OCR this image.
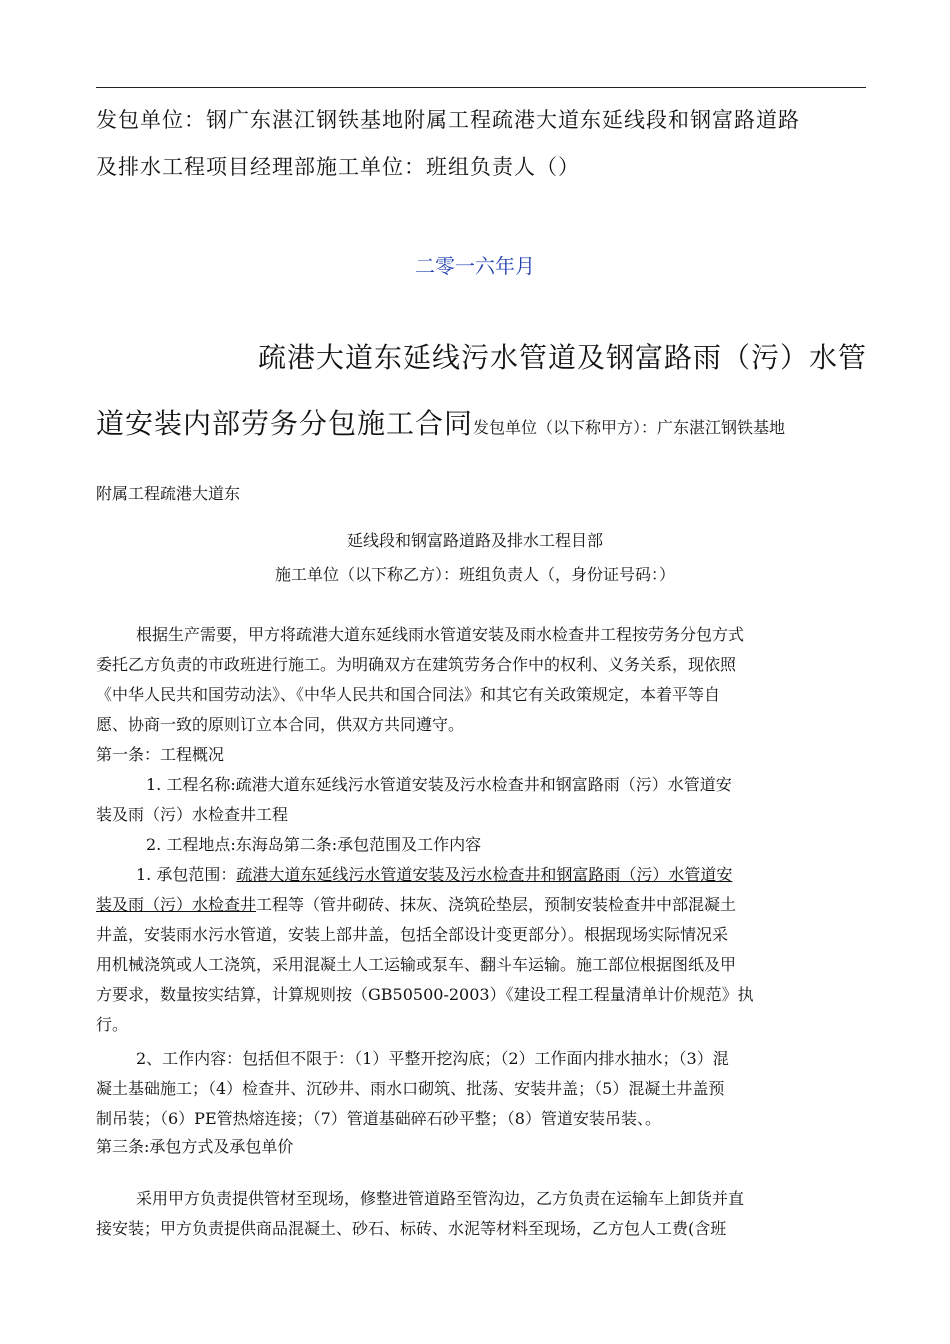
发包单位：钢广东湛江钢铁基地附属工程疏港大道东延线段和钢富路道路
及排水工程项目经理部施工单位：班组负责人（）
二零一六年月
疏港大道东延线污水管道及钢富路雨（污）水管
道安装内部劳务分包施工合同发包单位（以下称甲方）：广东湛江钢铁基地
附属工程疏港大道东
延线段和钢富路道路及排水工程目部
施工单位（以下称乙方）：班组负责人（，身份证号码：）
根据生产需要，甲方将疏港大道东延线雨水管道安装及雨水检查井工程按劳务分包方式
委托乙方负责的市政班进行施工。为明确双方在建筑劳务合作中的权利、义务关系，现依照
《中华人民共和国劳动法》、《中华人民共和国合同法》和其它有关政策规定，本着平等自
愿、协商一致的原则订立本合同，供双方共同遵守。
第一条：工程概况
1. 工程名称:疏港大道东延线污水管道安装及污水检查井和钢富路雨（污）水管道安
装及雨（污）水检查井工程
2. 工程地点:东海岛第二条:承包范围及工作内容
1. 承包范围：疏港大道东延线污水管道安装及污水检查井和钢富路雨（污）水管道安
装及雨（污）水检查井工程等（管井砌砖、抹灰、浇筑砼垫层，预制安装检查井中部混凝土
井盖，安装雨水污水管道，安装上部井盖，包括全部设计变更部分）。根据现场实际情况采
用机械浇筑或人工浇筑，采用混凝土人工运输或泵车、翻斗车运输。施工部位根据图纸及甲
方要求，数量按实结算，计算规则按（GB50500-2003）《建设工程工程量清单计价规范》执
行。
2、工作内容：包括但不限于：（1）平整开挖沟底；（2）工作面内排水抽水；（3）混
凝土基础施工；（4）检查井、沉砂井、雨水口砌筑、批荡、安装井盖；（5）混凝土井盖预
制吊装；（6）PE管热熔连接；（7）管道基础碎石砂平整；（8）管道安装吊装、。
第三条:承包方式及承包单价
采用甲方负责提供管材至现场，修整进管道路至管沟边，乙方负责在运输车上卸货并直
接安装；甲方负责提供商品混凝土、砂石、标砖、水泥等材料至现场，乙方包人工费(含班
